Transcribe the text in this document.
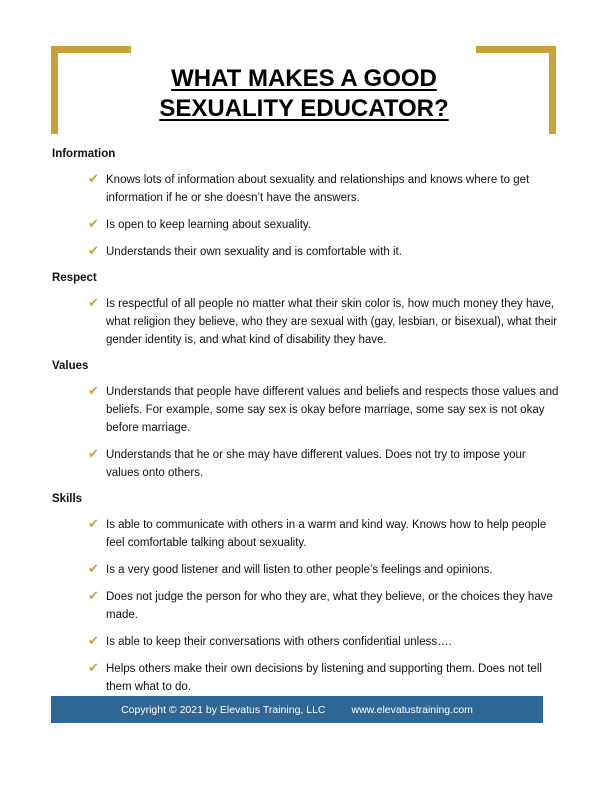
WHAT MAKES A GOOD
SEXUALITY EDUCATOR?
Information
✔ Knows lots of information about sexuality and relationships and knows where to get information if he or she doesn’t have the answers.
✔ Is open to keep learning about sexuality.
✔ Understands their own sexuality and is comfortable with it.
Respect
✔ Is respectful of all people no matter what their skin color is, how much money they have, what religion they believe, who they are sexual with (gay, lesbian, or bisexual), what their gender identity is, and what kind of disability they have.
Values
✔ Understands that people have different values and beliefs and respects those values and beliefs. For example, some say sex is okay before marriage, some say sex is not okay before marriage.
✔ Understands that he or she may have different values. Does not try to impose your values onto others.
Skills
✔ Is able to communicate with others in a warm and kind way. Knows how to help people feel comfortable talking about sexuality.
✔ Is a very good listener and will listen to other people’s feelings and opinions.
✔ Does not judge the person for who they are, what they believe, or the choices they have made.
✔ Is able to keep their conversations with others confidential unless….
✔ Helps others make their own decisions by listening and supporting them. Does not tell them what to do.
Copyright © 2021 by Elevatus Training, LLC www.elevatustraining.com
